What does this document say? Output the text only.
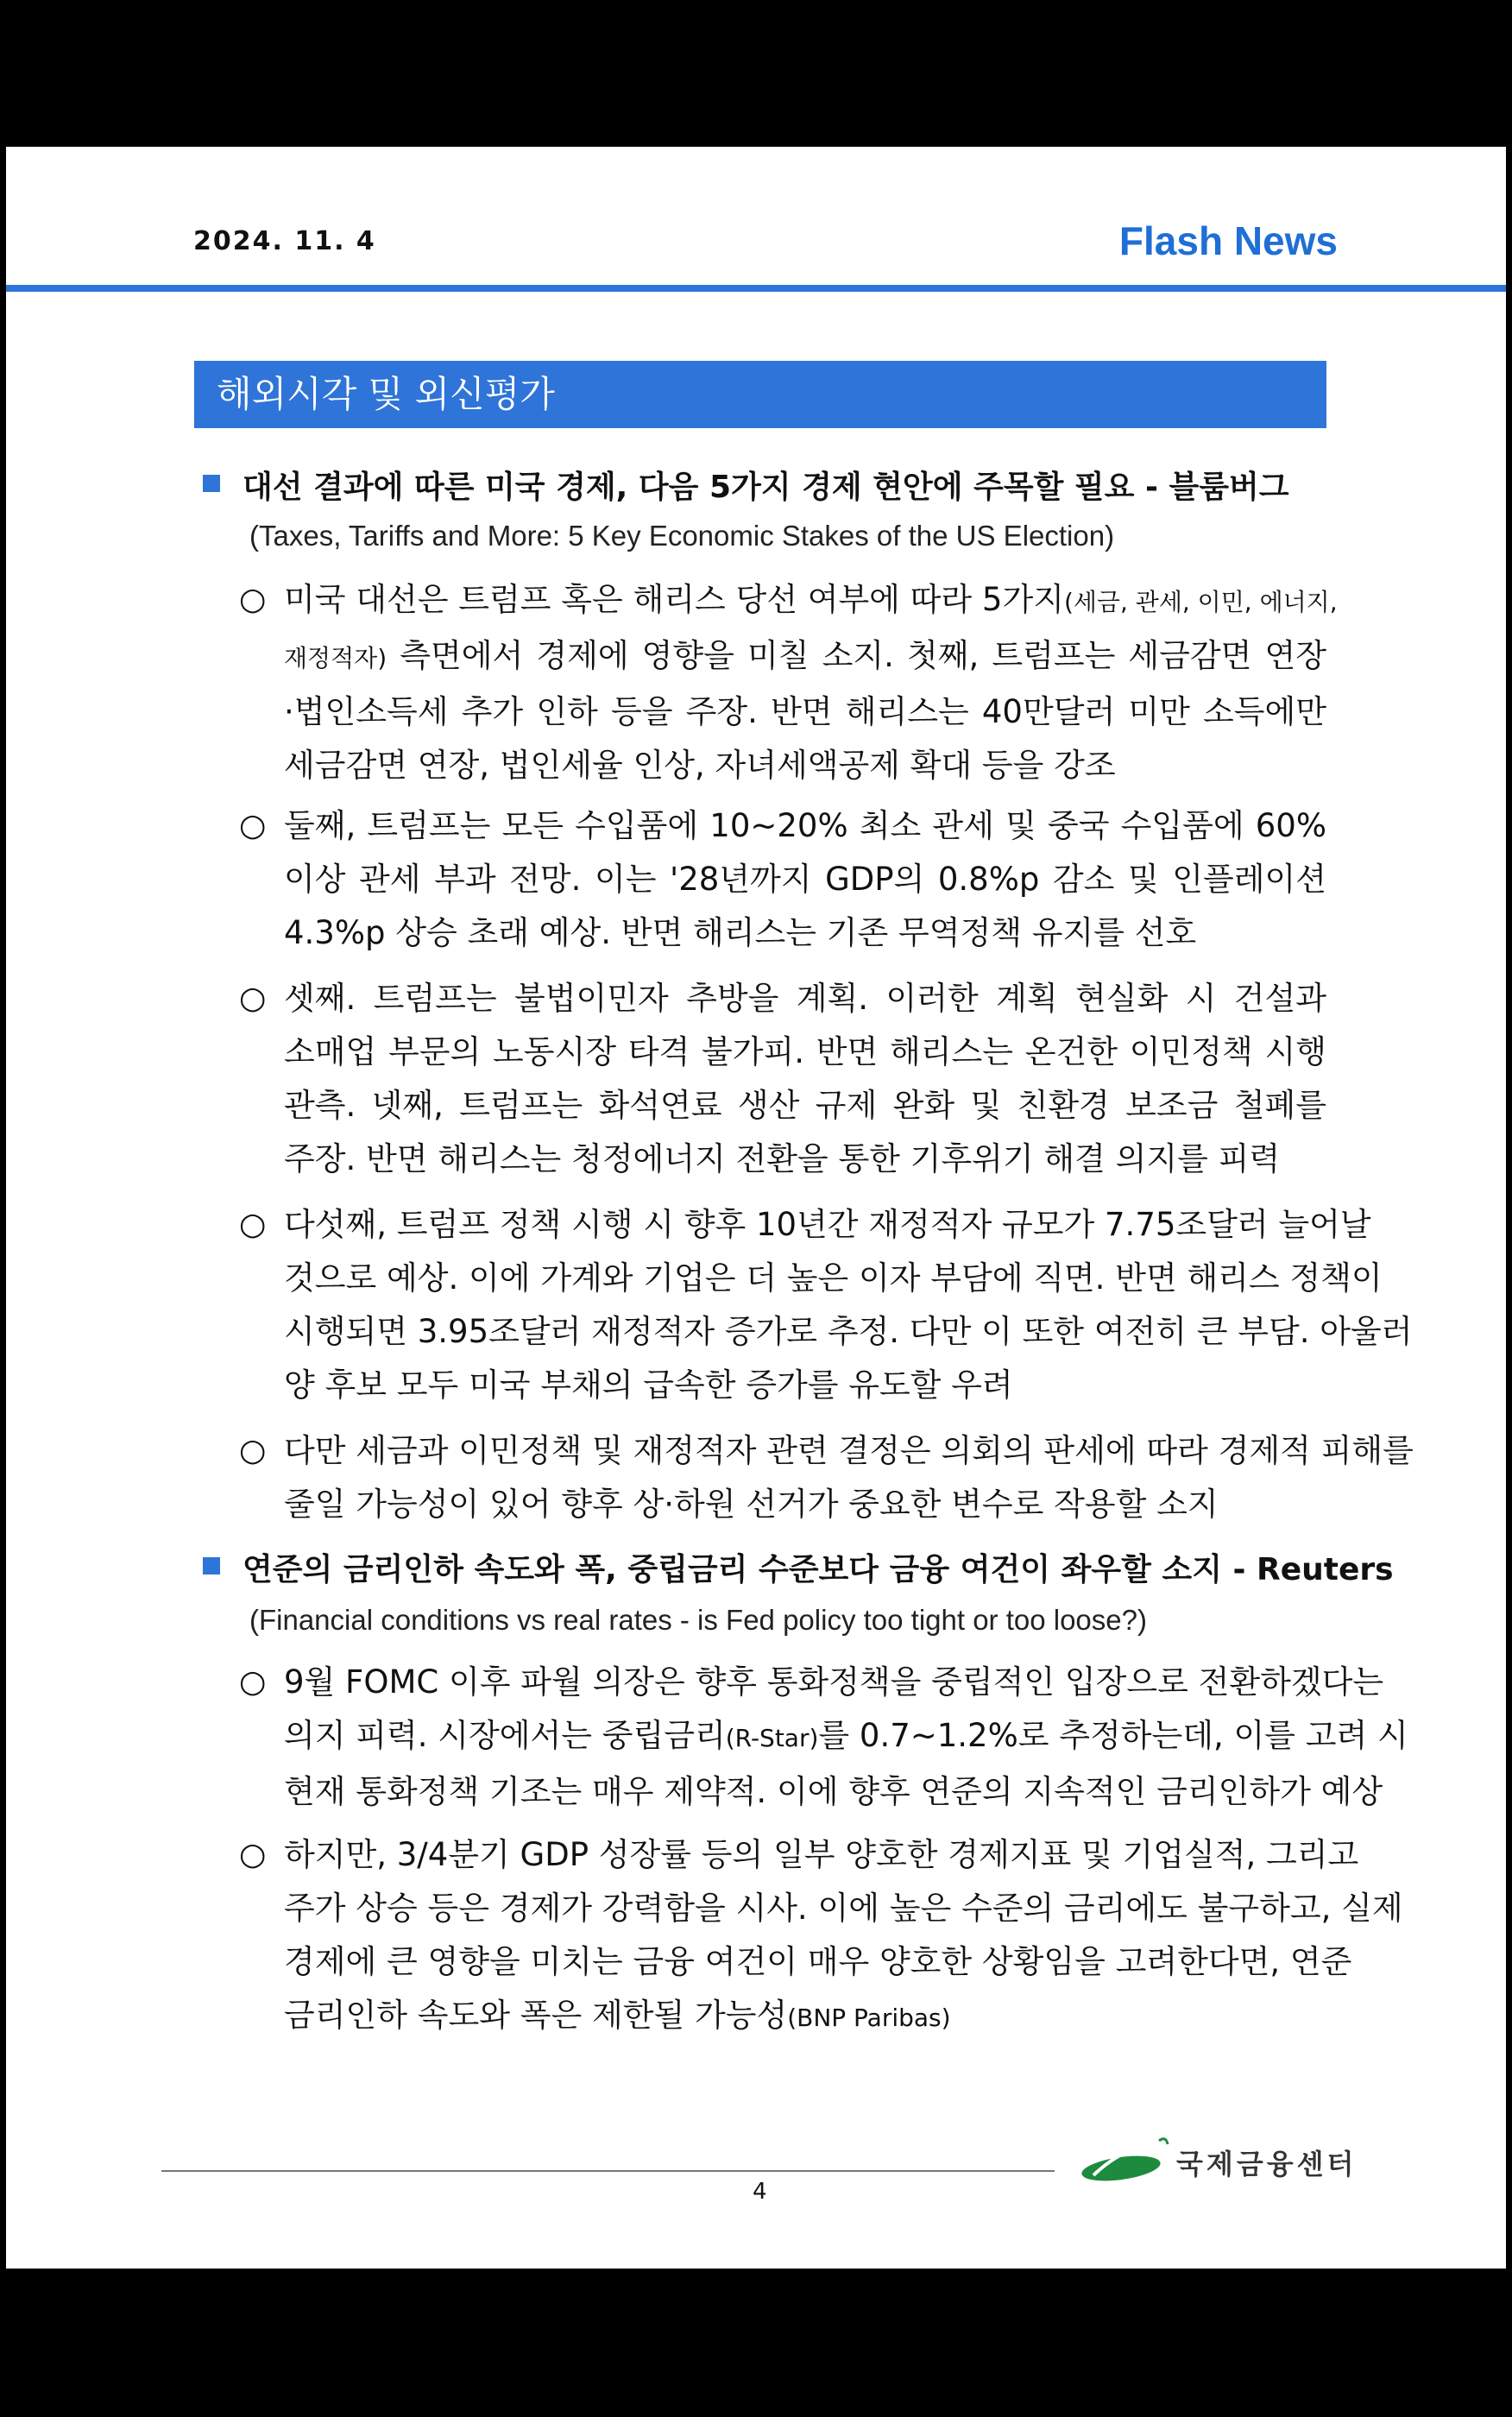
2024. 11. 4	Flash News
해외시각 및 외신평가
대선 결과에 따른 미국 경제, 다음 5가지 경제 현안에 주목할 필요 - 블룸버그
(Taxes, Tariffs and More: 5 Key Economic Stakes of the US Election)
○ 미국 대선은 트럼프 혹은 해리스 당선 여부에 따라 5가지(세금, 관세, 이민, 에너지,
재정적자) 측면에서 경제에 영향을 미칠 소지. 첫째, 트럼프는 세금감면 연장
·법인소득세 추가 인하 등을 주장. 반면 해리스는 40만달러 미만 소득에만
세금감면 연장, 법인세율 인상, 자녀세액공제 확대 등을 강조
○ 둘째, 트럼프는 모든 수입품에 10~20% 최소 관세 및 중국 수입품에 60%
이상 관세 부과 전망. 이는 '28년까지 GDP의 0.8%p 감소 및 인플레이션
4.3%p 상승 초래 예상. 반면 해리스는 기존 무역정책 유지를 선호
○ 셋째. 트럼프는 불법이민자 추방을 계획. 이러한 계획 현실화 시 건설과
소매업 부문의 노동시장 타격 불가피. 반면 해리스는 온건한 이민정책 시행
관측. 넷째, 트럼프는 화석연료 생산 규제 완화 및 친환경 보조금 철폐를
주장. 반면 해리스는 청정에너지 전환을 통한 기후위기 해결 의지를 피력
○ 다섯째, 트럼프 정책 시행 시 향후 10년간 재정적자 규모가 7.75조달러 늘어날
것으로 예상. 이에 가계와 기업은 더 높은 이자 부담에 직면. 반면 해리스 정책이
시행되면 3.95조달러 재정적자 증가로 추정. 다만 이 또한 여전히 큰 부담. 아울러
양 후보 모두 미국 부채의 급속한 증가를 유도할 우려
○ 다만 세금과 이민정책 및 재정적자 관련 결정은 의회의 판세에 따라 경제적 피해를
줄일 가능성이 있어 향후 상·하원 선거가 중요한 변수로 작용할 소지
연준의 금리인하 속도와 폭, 중립금리 수준보다 금융 여건이 좌우할 소지 - Reuters
(Financial conditions vs real rates - is Fed policy too tight or too loose?)
○ 9월 FOMC 이후 파월 의장은 향후 통화정책을 중립적인 입장으로 전환하겠다는
의지 피력. 시장에서는 중립금리(R-Star)를 0.7~1.2%로 추정하는데, 이를 고려 시
현재 통화정책 기조는 매우 제약적. 이에 향후 연준의 지속적인 금리인하가 예상
○ 하지만, 3/4분기 GDP 성장률 등의 일부 양호한 경제지표 및 기업실적, 그리고
주가 상승 등은 경제가 강력함을 시사. 이에 높은 수준의 금리에도 불구하고, 실제
경제에 큰 영향을 미치는 금융 여건이 매우 양호한 상황임을 고려한다면, 연준
금리인하 속도와 폭은 제한될 가능성(BNP Paribas)
4
국제금융센터
